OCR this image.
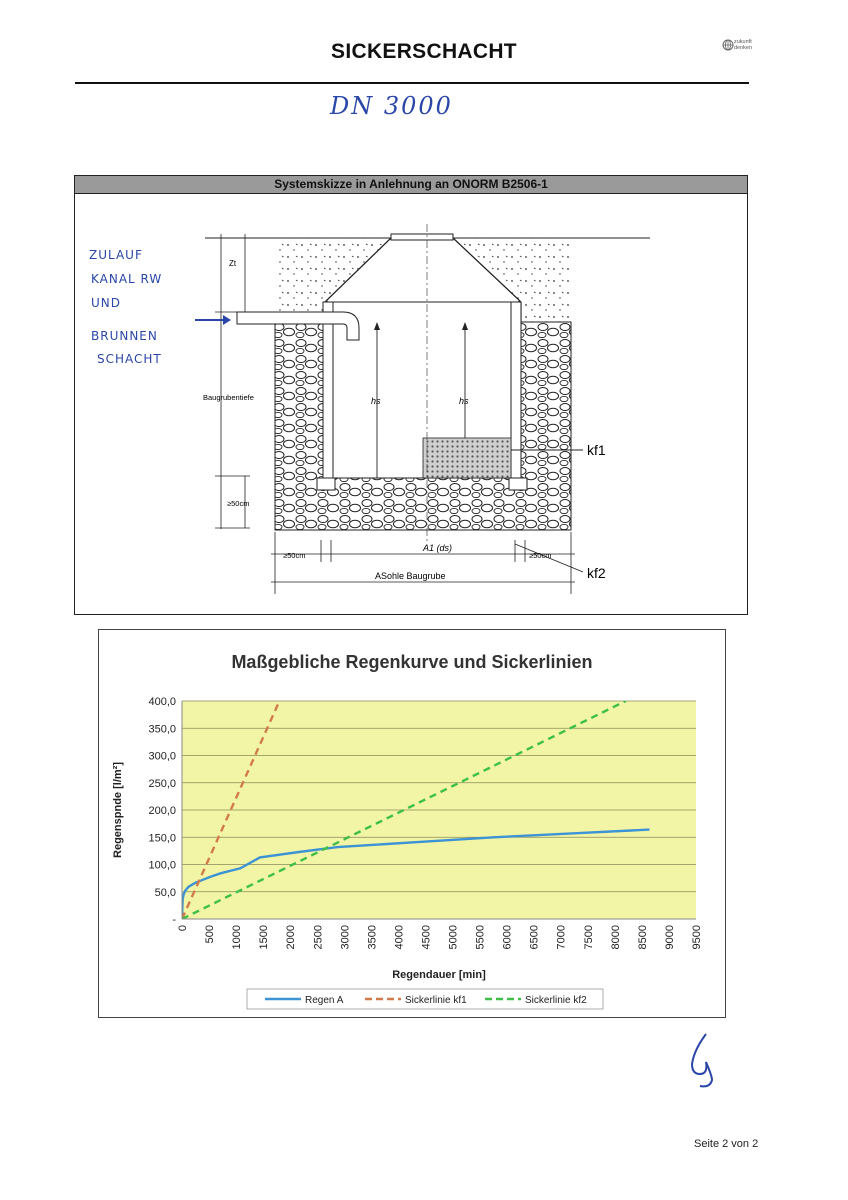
SICKERSCHACHT	zukunft
denken
DN 3000
Systemskizze in Anlehnung an ONORM B2506-1
Zt
Baugrubentiefe
≥50cm
hs	hs
kf1
kf2
≥50cm	≥50cm
A1 (ds)
ASohle Baugrube
ZULAUF
KANAL RW
UND
BRUNNEN
SCHACHT
Maßgebliche Regenkurve und Sickerlinien
-
50,0
100,0
150,0
200,0
250,0
300,0
350,0
400,0
0 500 1000 1500 2000 2500 3000 3500 4000 4500 5000 5500 6000 6500 7000 7500 8000 8500 9000 9500
Regenspnde [l/m²]
Regendauer [min]
Regen A	Sickerlinie kf1	Sickerlinie kf2
Seite 2 von 2
